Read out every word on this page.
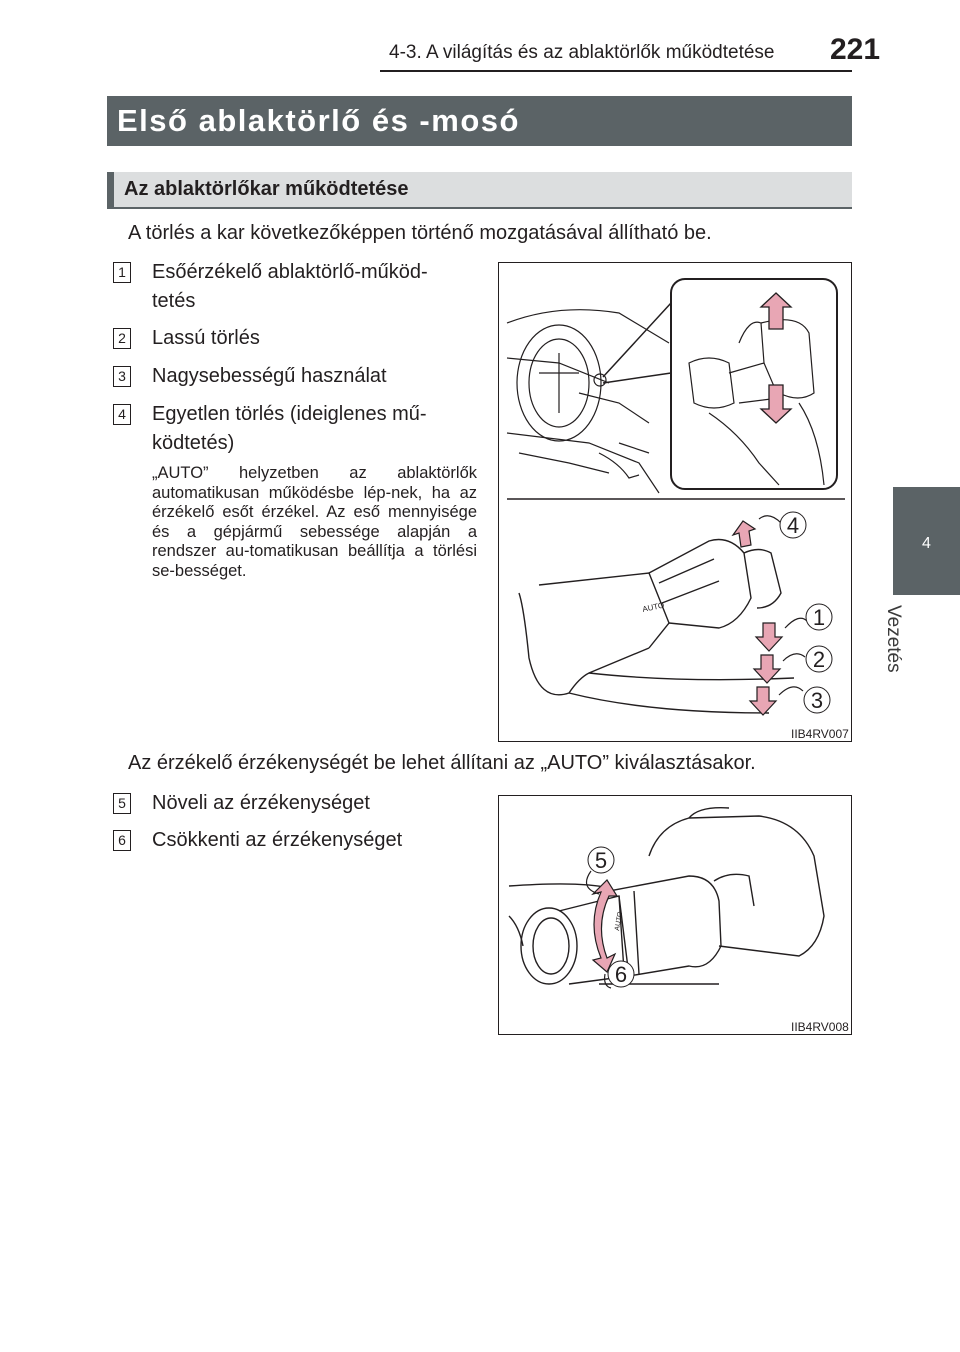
4-3. A világítás és az ablaktörlők működtetése 221
4
Vezetés
Első ablaktörlő és -mosó
Az ablaktörlőkar működtetése
A törlés a kar következőképpen történő mozgatásával állítható be.
1 Esőérzékelő ablaktörlő-működ-
tetés
2 Lassú törlés
3 Nagysebességű használat
4 Egyetlen törlés (ideiglenes mű-
ködtetés)
„AUTO” helyzetben az ablaktörlők automatikusan működésbe lép-nek, ha az érzékelő esőt érzékel. Az eső mennyisége és a gépjármű sebessége alapján a rendszer au-tomatikusan beállítja a törlési se-bességet.
AUTO
4
1
2
3
IIB4RV007
Az érzékelő érzékenységét be lehet állítani az „AUTO” kiválasztásakor.
5 Növeli az érzékenységet
6 Csökkenti az érzékenységet
AUTO
5
6
IIB4RV008
